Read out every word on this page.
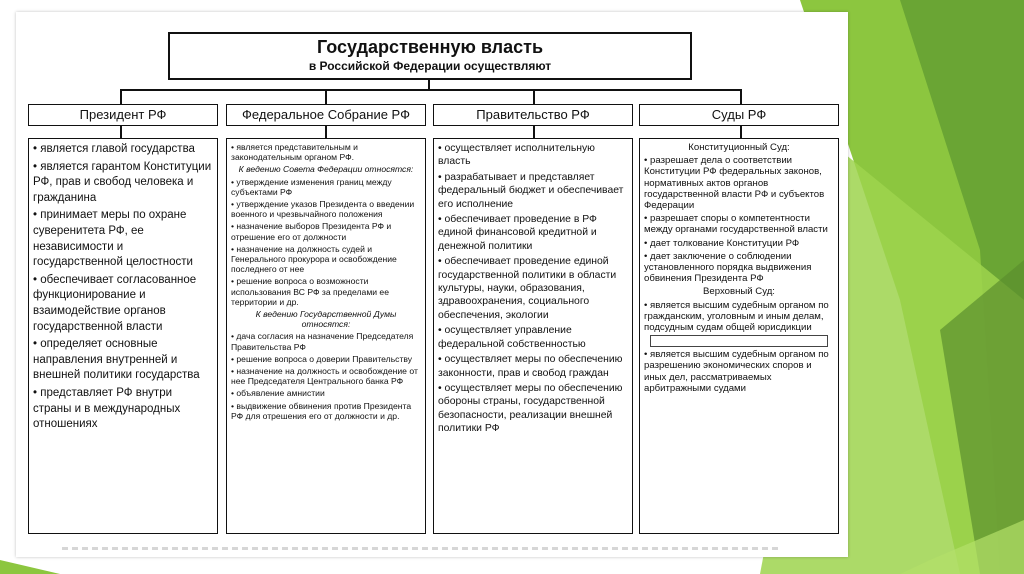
Государственную власть
в Российской Федерации осуществляют
Президент РФ	Федеральное Собрание РФ	Правительство РФ	Суды РФ

• является главой государства

• является гарантом Конституции РФ, прав и свобод человека и гражданина

• принимает меры по охране суверенитета РФ, ее независимости и государственной целостности

• обеспечивает согласованное функционирование и взаимодействие органов государственной власти

• определяет основные направления внутренней и внешней политики государства

• представляет РФ внутри страны и в международных отношениях

• является представительным и законодательным органом РФ.

К ведению Совета Федерации относятся:

• утверждение изменения границ между субъектами РФ

• утверждение указов Президента о введении военного и чрезвычайного положения

• назначение выборов Президента РФ и отрешение его от должности

• назначение на должность судей и Генерального прокурора и освобождение последнего от нее

• решение вопроса о возможности использования ВС РФ за пределами ее территории и др.

К ведению Государственной Думы относятся:

• дача согласия на назначение Председателя Правительства РФ

• решение вопроса о доверии Правительству

• назначение на должность и освобождение от нее Председателя Центрального банка РФ

• объявление амнистии

• выдвижение обвинения против Президента РФ для отрешения его от должности и др.

• осуществляет исполнительную власть

• разрабатывает и представляет федеральный бюджет и обеспечивает его исполнение

• обеспечивает проведение в РФ единой финансовой кредитной и денежной политики

• обеспечивает проведение единой государственной политики в области культуры, науки, образования, здравоохранения, социального обеспечения, экологии

• осуществляет управление федеральной собственностью

• осуществляет меры по обеспечению законности, прав и свобод граждан

• осуществляет меры по обеспечению обороны страны, государственной безопасности, реализации внешней политики РФ

Конституционный Суд:

• разрешает дела о соответствии Конституции РФ федеральных законов, нормативных актов органов государственной власти РФ и субъектов Федерации

• разрешает споры о компетентности между органами государственной власти

• дает толкование Конституции РФ

• дает заключение о соблюдении установленного порядка выдвижения обвинения Президента РФ

Верховный Суд:

• является высшим судебным органом по гражданским, уголовным и иным делам, подсудным судам общей юрисдикции

• является высшим судебным органом по разрешению экономических споров и иных дел, рассматриваемых арбитражными судами
